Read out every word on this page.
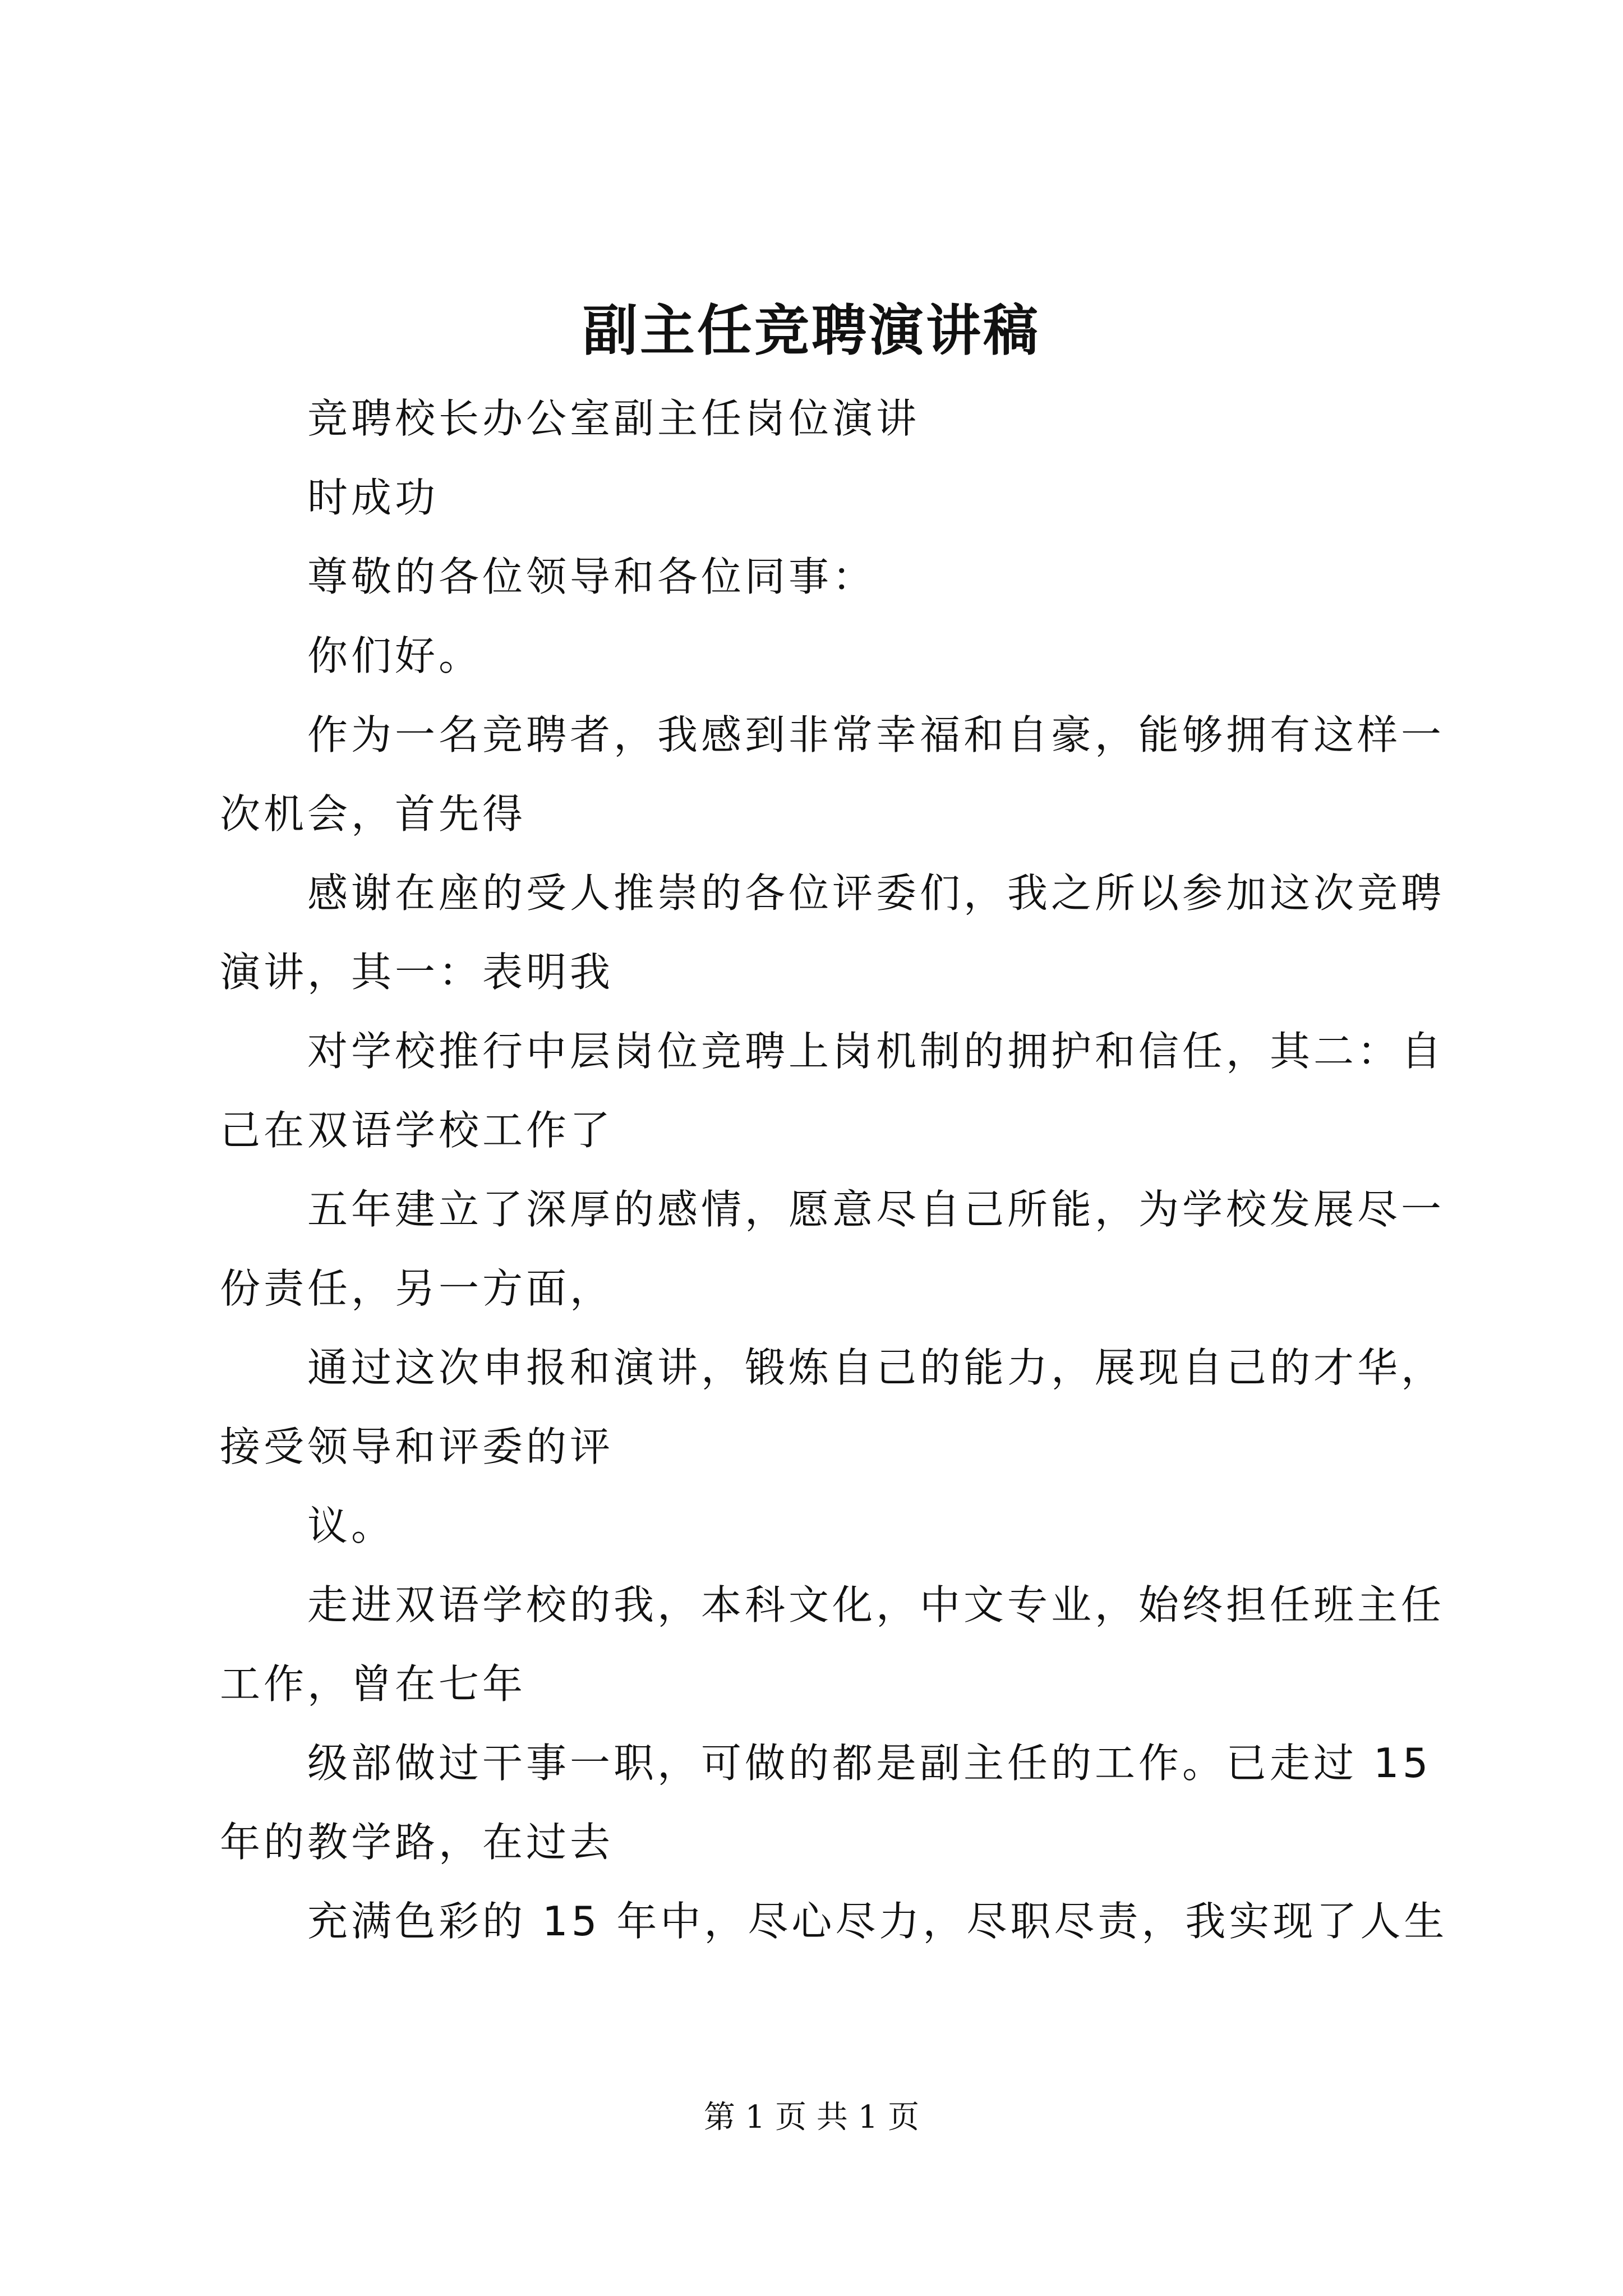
副主任竞聘演讲稿
竞聘校长办公室副主任岗位演讲
时成功
尊敬的各位领导和各位同事：
你们好。
作为一名竞聘者，我感到非常幸福和自豪，能够拥有这样一
次机会，首先得
感谢在座的受人推崇的各位评委们，我之所以参加这次竞聘
演讲，其一：表明我
对学校推行中层岗位竞聘上岗机制的拥护和信任，其二：自
己在双语学校工作了
五年建立了深厚的感情，愿意尽自己所能，为学校发展尽一
份责任，另一方面，
通过这次申报和演讲，锻炼自己的能力，展现自己的才华，
接受领导和评委的评
议。
走进双语学校的我，本科文化，中文专业，始终担任班主任
工作，曾在七年
级部做过干事一职，可做的都是副主任的工作。已走过 15
年的教学路，在过去
充满色彩的 15 年中，尽心尽力，尽职尽责，我实现了人生
第 1 页 共 1 页
